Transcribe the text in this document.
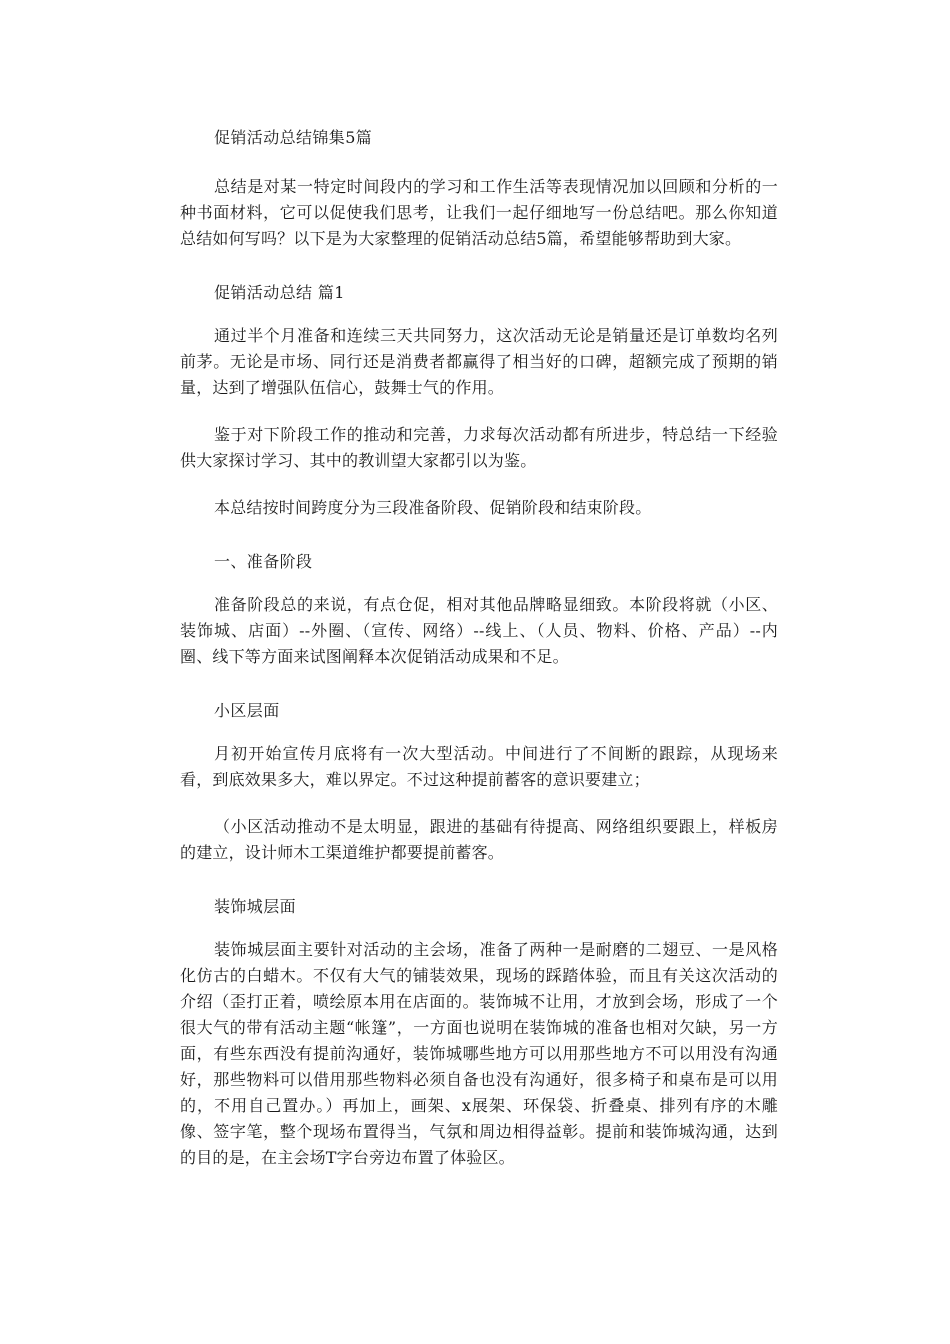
促销活动总结锦集5篇

总结是对某一特定时间段内的学习和工作生活等表现情况加以回顾和分析的一种书面材料，它可以促使我们思考，让我们一起仔细地写一份总结吧。那么你知道总结如何写吗？以下是为大家整理的促销活动总结5篇，希望能够帮助到大家。

促销活动总结 篇1

通过半个月准备和连续三天共同努力，这次活动无论是销量还是订单数均名列前茅。无论是市场、同行还是消费者都赢得了相当好的口碑，超额完成了预期的销量，达到了增强队伍信心，鼓舞士气的作用。

鉴于对下阶段工作的推动和完善，力求每次活动都有所进步，特总结一下经验供大家探讨学习、其中的教训望大家都引以为鉴。

本总结按时间跨度分为三段准备阶段、促销阶段和结束阶段。

一、准备阶段

准备阶段总的来说，有点仓促，相对其他品牌略显细致。本阶段将就（小区、装饰城、店面）--外圈、（宣传、网络）--线上、（人员、物料、价格、产品）--内圈、线下等方面来试图阐释本次促销活动成果和不足。

小区层面

月初开始宣传月底将有一次大型活动。中间进行了不间断的跟踪，从现场来看，到底效果多大，难以界定。不过这种提前蓄客的意识要建立；

（小区活动推动不是太明显，跟进的基础有待提高、网络组织要跟上，样板房的建立，设计师木工渠道维护都要提前蓄客。

装饰城层面

装饰城层面主要针对活动的主会场，准备了两种一是耐磨的二翅豆、一是风格化仿古的白蜡木。不仅有大气的铺装效果，现场的踩踏体验，而且有关这次活动的介绍（歪打正着，喷绘原本用在店面的。装饰城不让用，才放到会场，形成了一个很大气的带有活动主题“帐篷”，一方面也说明在装饰城的准备也相对欠缺，另一方面，有些东西没有提前沟通好，装饰城哪些地方可以用那些地方不可以用没有沟通好，那些物料可以借用那些物料必须自备也没有沟通好，很多椅子和桌布是可以用的，不用自己置办。）再加上，画架、x展架、环保袋、折叠桌、排列有序的木雕像、签字笔，整个现场布置得当，气氛和周边相得益彰。提前和装饰城沟通，达到的目的是，在主会场T字台旁边布置了体验区。
